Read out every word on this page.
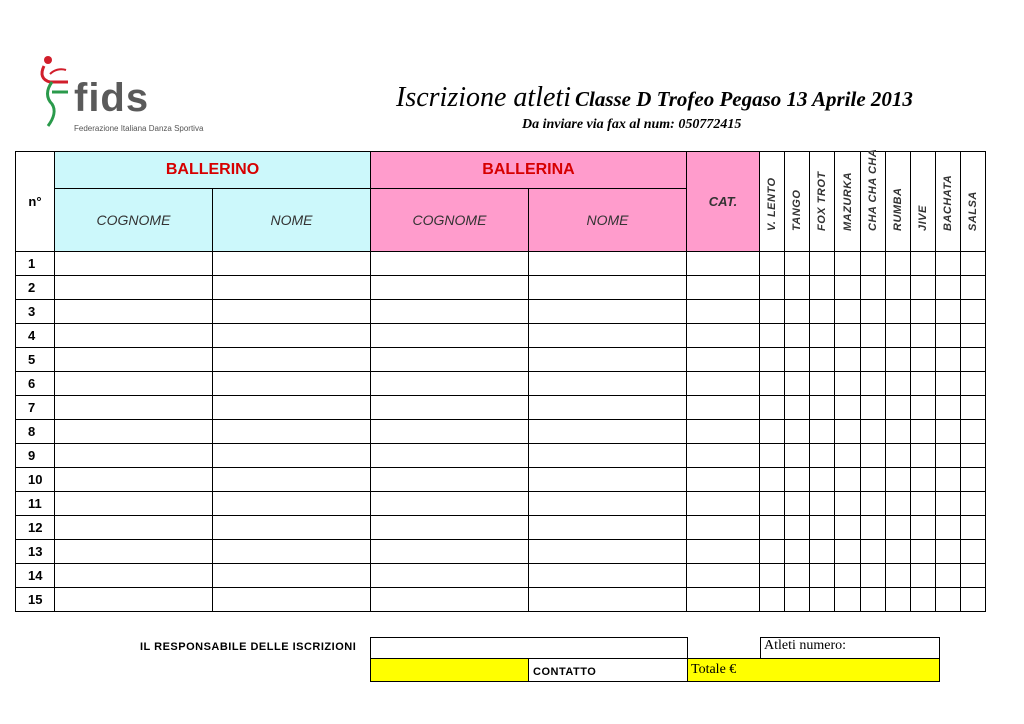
fids
Federazione Italiana Danza Sportiva
Iscrizione atleti Classe D Trofeo Pegaso 13 Aprile 2013
Da inviare via fax al num: 050772415
n°	BALLERINO		BALLERINA		CAT.	V. LENTO	TANGO	FOX TROT	MAZURKA	CHA CHA CHA	RUMBA	JIVE	BACHATA	SALSA

	COGNOME	NOME	COGNOME	NOME										
1														
2														
3														
4														
5														
6														
7														
8														
9														
10														
11														
12														
13														
14														
15														
IL RESPONSABILE DELLE ISCRIZIONI
CONTATTO
Atleti numero:
Totale €
